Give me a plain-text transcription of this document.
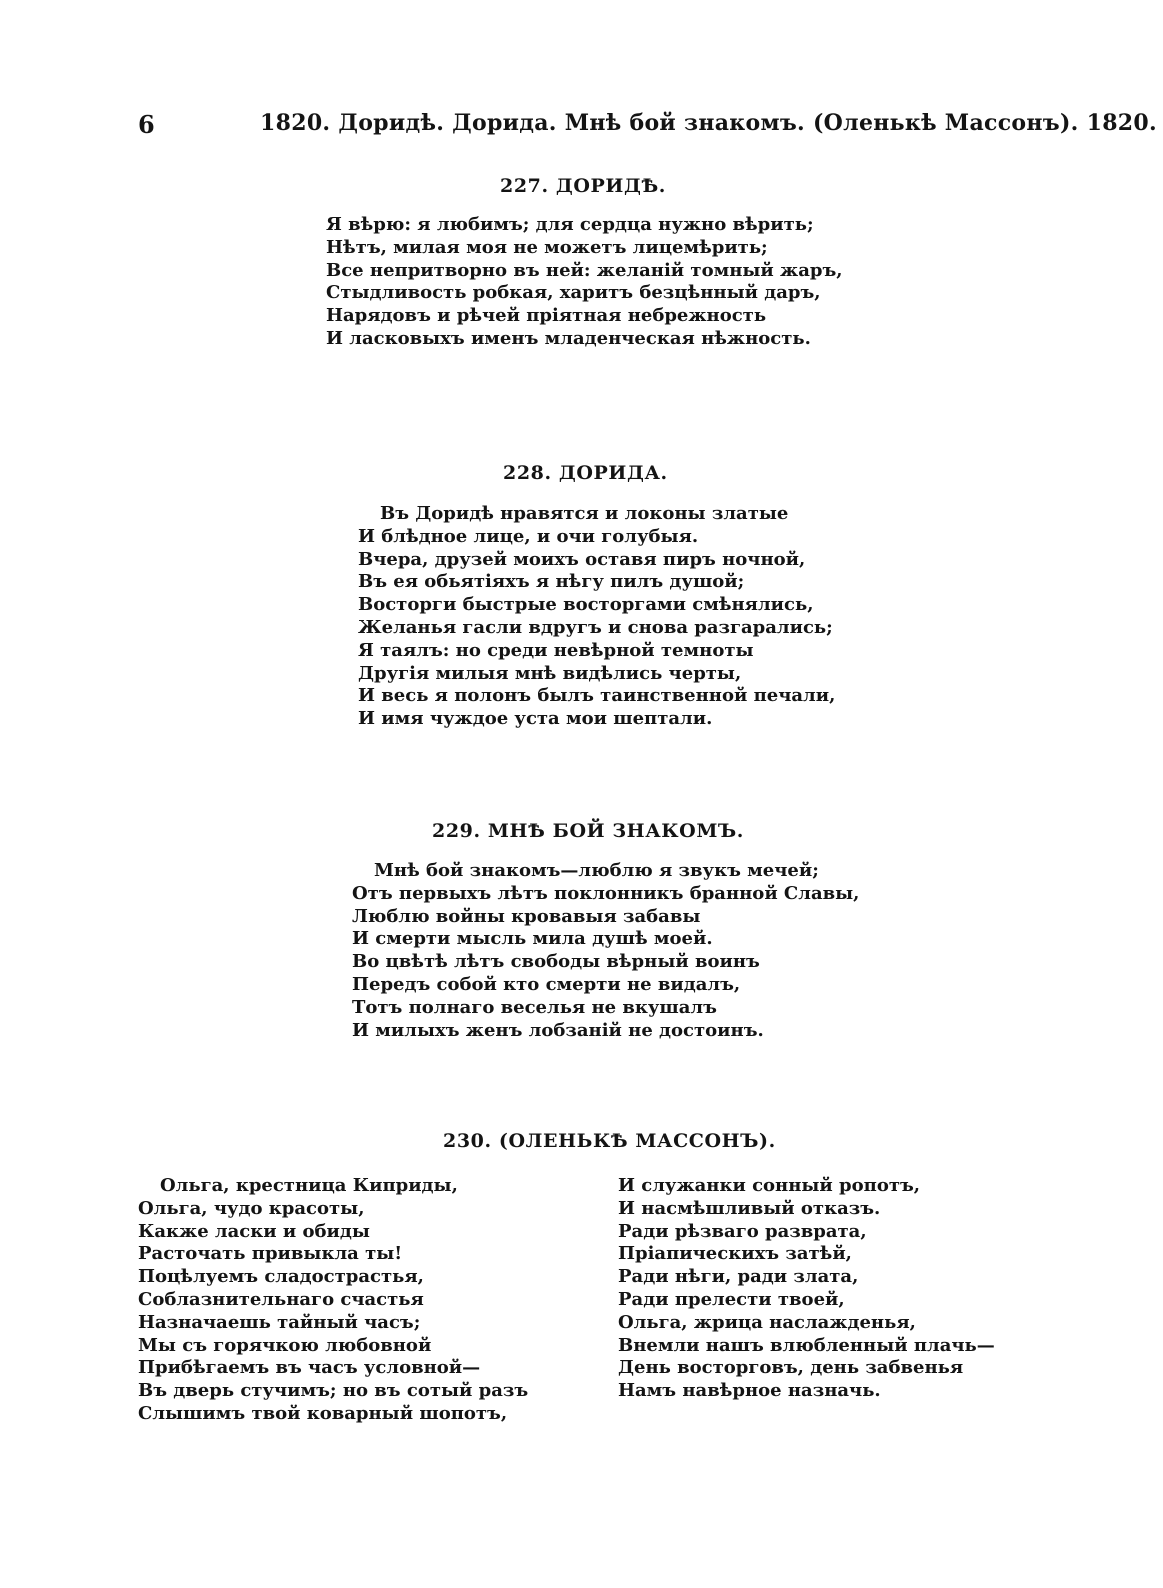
6	1820. Доридѣ. Дорида. Мнѣ бой знакомъ. (Оленькѣ Массонъ). 1820.
227. ДОРИДѢ.
Я вѣрю: я любимъ; для сердца нужно вѣрить;
Нѣтъ, милая моя не можетъ лицемѣрить;
Все непритворно въ ней: желаній томный жаръ,
Стыдливость робкая, харитъ безцѣнный даръ,
Нарядовъ и рѣчей пріятная небрежность
И ласковыхъ именъ младенческая нѣжность.
228. ДОРИДА.
Въ Доридѣ нравятся и локоны златые
И блѣдное лице, и очи голубыя.
Вчера, друзей моихъ оставя пиръ ночной,
Въ ея обьятіяхъ я нѣгу пилъ душой;
Восторги быстрые восторгами смѣнялись,
Желанья гасли вдругъ и снова разгарались;
Я таялъ: но среди невѣрной темноты
Другія милыя мнѣ видѣлись черты,
И весь я полонъ былъ таинственной печали,
И имя чуждое уста мои шептали.
229. МНѢ БОЙ ЗНАКОМЪ.
Мнѣ бой знакомъ—люблю я звукъ мечей;
Отъ первыхъ лѣтъ поклонникъ бранной Славы,
Люблю войны кровавыя забавы
И смерти мысль мила душѣ моей.
Во цвѣтѣ лѣтъ свободы вѣрный воинъ
Передъ собой кто смерти не видалъ,
Тотъ полнаго веселья не вкушалъ
И милыхъ женъ лобзаній не достоинъ.
230. (ОЛЕНЬКѢ МАССОНЪ).
Ольга, крестница Киприды,
Ольга, чудо красоты,
Какже ласки и обиды
Расточать привыкла ты!
Поцѣлуемъ сладострастья,
Соблазнительнаго счастья
Назначаешь тайный часъ;
Мы съ горячкою любовной
Прибѣгаемъ въ часъ условной—
Въ дверь стучимъ; но въ сотый разъ
Слышимъ твой коварный шопотъ,
И служанки сонный ропотъ,
И насмѣшливый отказъ.
Ради рѣзваго разврата,
Пріапическихъ затѣй,
Ради нѣги, ради злата,
Ради прелести твоей,
Ольга, жрица наслажденья,
Внемли нашъ влюбленный плачь—
День восторговъ, день забвенья
Намъ навѣрное назначь.
